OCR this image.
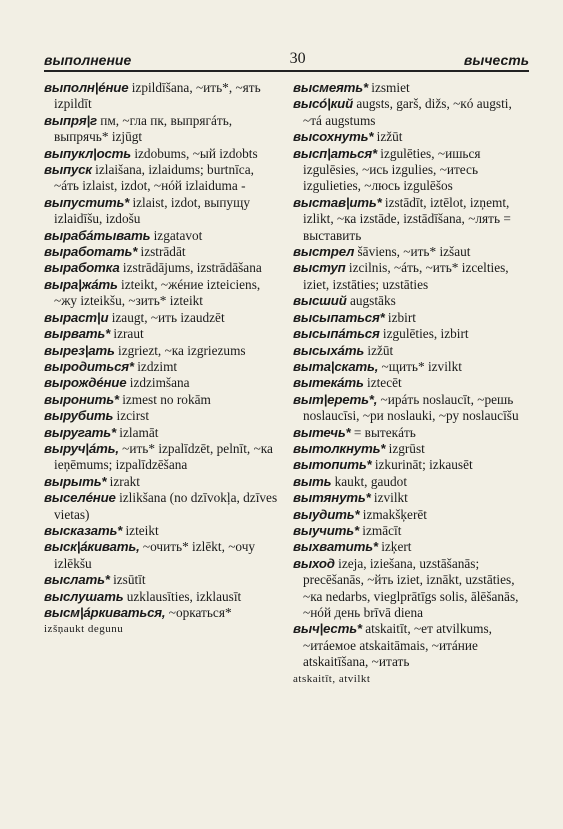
выполнение	30	вычесть

выполн|éние izpildīšana, ~ить*, ~ять izpildīt

выпря|г пм, ~гла пк, выпрягáть, выпрячь* izjūgt

выпукл|ость izdobums, ~ый izdobts

выпуск izlaišana, izlaidums; burtnīca, ~áть izlaist, izdot, ~нóй izlaiduma -

выпустить* izlaist, izdot, выпущу izlaidīšu, izdošu

вырабáтывать izgatavot

выработать* izstrādāt

выработка izstrādājums, izstrādāšana

выра|жáть izteikt, ~жéние izteiciens, ~жу izteikšu, ~зить* izteikt

вырaст|и izaugt, ~ить izaudzēt

вырвать* izraut

вырез|ать izgriezt, ~ка izgriezums

выродиться* izdzimt

вырождéние izdzimšana

выронить* izmest no rokām

вырубить izcirst

выругать* izlamāt

выруч|áть, ~ить* izpalīdzēt, pelnīt, ~ка ieņēmums; izpalīdzēšana

вырыть* izrakt

выселéние izlikšana (no dzīvokļa, dzīves vietas)

высказать* izteikt

выск|áкивать, ~очить* izlēkt, ~очу izlēkšu

выслать* izsūtīt

выслушать uzklausīties, izklausīt

высм|áркиваться, ~оркаться*

izšņaukt degunu

высмеять* izsmiet

высó|кий augsts, garš, dižs, ~кó augsti, ~тá augstums

высохнуть* izžūt

высп|аться* izgulēties, ~ишься izgulēsies, ~ись izgulies, ~итесь izgulieties, ~люсь izgulēšos

выстав|ить* izstādīt, iztēlot, izņemt, izlikt, ~ка izstāde, izstādīšana, ~лять = выставить

выстрел šāviens, ~ить* izšaut

выступ izcilnis, ~áть, ~ить* izcelties, iziet, izstāties; uzstāties

высший augstāks

высыпаться* izbirt

высыпáться izgulēties, izbirt

высыхáть izžūt

выта|скать, ~щить* izvilkt

вытекáть iztecēt

выт|ереть*, ~ирáть noslaucīt, ~решь noslaucīsi, ~ри noslauki, ~ру noslaucīšu

вытечь* = вытекáть

вытолкнуть* izgrūst

вытопить* izkurināt; izkausēt

выть kaukt, gaudot

вытянуть* izvilkt

выудить* izmakšķerēt

выучить* izmācīt

выхватить* izķert

выход izeja, iziešana, uzstāšanās; precēšanās, ~йть iziet, iznākt, uzstāties, ~ка nedarbs, vieglprātīgs solis, ālēšanās, ~нóй день brīvā diena

выч|есть* atskaitīt, ~ет atvilkums, ~итáемое atskaitāmais, ~итáние atskaitīšana, ~итать

atskaitīt, atvilkt
